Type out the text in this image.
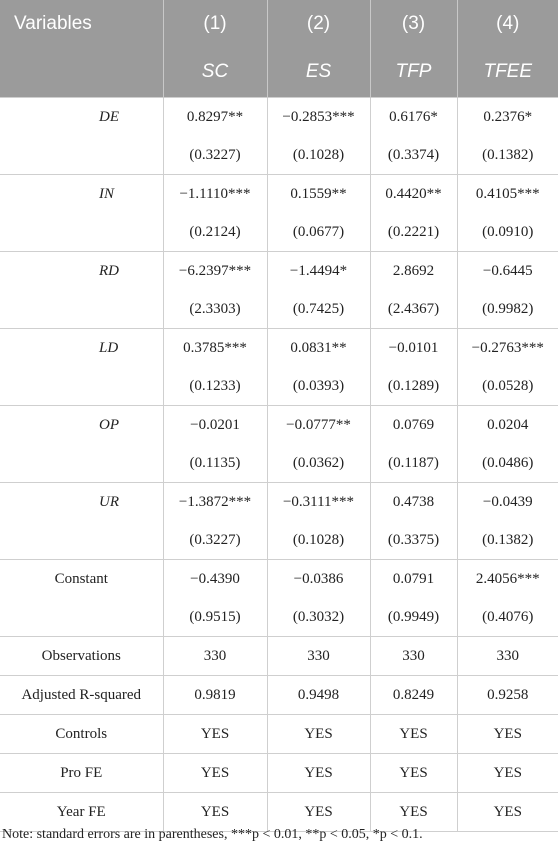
Variables	(1)	(2)	(3)	(4)
	SC	ES	TFP	TFEE
DE	0.8297**	−0.2853***	0.6176*	0.2376*
	(0.3227)	(0.1028)	(0.3374)	(0.1382)
IN	−1.1110***	0.1559**	0.4420**	0.4105***
	(0.2124)	(0.0677)	(0.2221)	(0.0910)
RD	−6.2397***	−1.4494*	2.8692	−0.6445
	(2.3303)	(0.7425)	(2.4367)	(0.9982)
LD	0.3785***	0.0831**	−0.0101	−0.2763***
	(0.1233)	(0.0393)	(0.1289)	(0.0528)
OP	−0.0201	−0.0777**	0.0769	0.0204
	(0.1135)	(0.0362)	(0.1187)	(0.0486)
UR	−1.3872***	−0.3111***	0.4738	−0.0439
	(0.3227)	(0.1028)	(0.3375)	(0.1382)
Constant	−0.4390	−0.0386	0.0791	2.4056***
	(0.9515)	(0.3032)	(0.9949)	(0.4076)
Observations	330	330	330	330
Adjusted R-squared	0.9819	0.9498	0.8249	0.9258
Controls	YES	YES	YES	YES
Pro FE	YES	YES	YES	YES
Year FE	YES	YES	YES	YES
Note: standard errors are in parentheses, ***p < 0.01, **p < 0.05, *p < 0.1.
